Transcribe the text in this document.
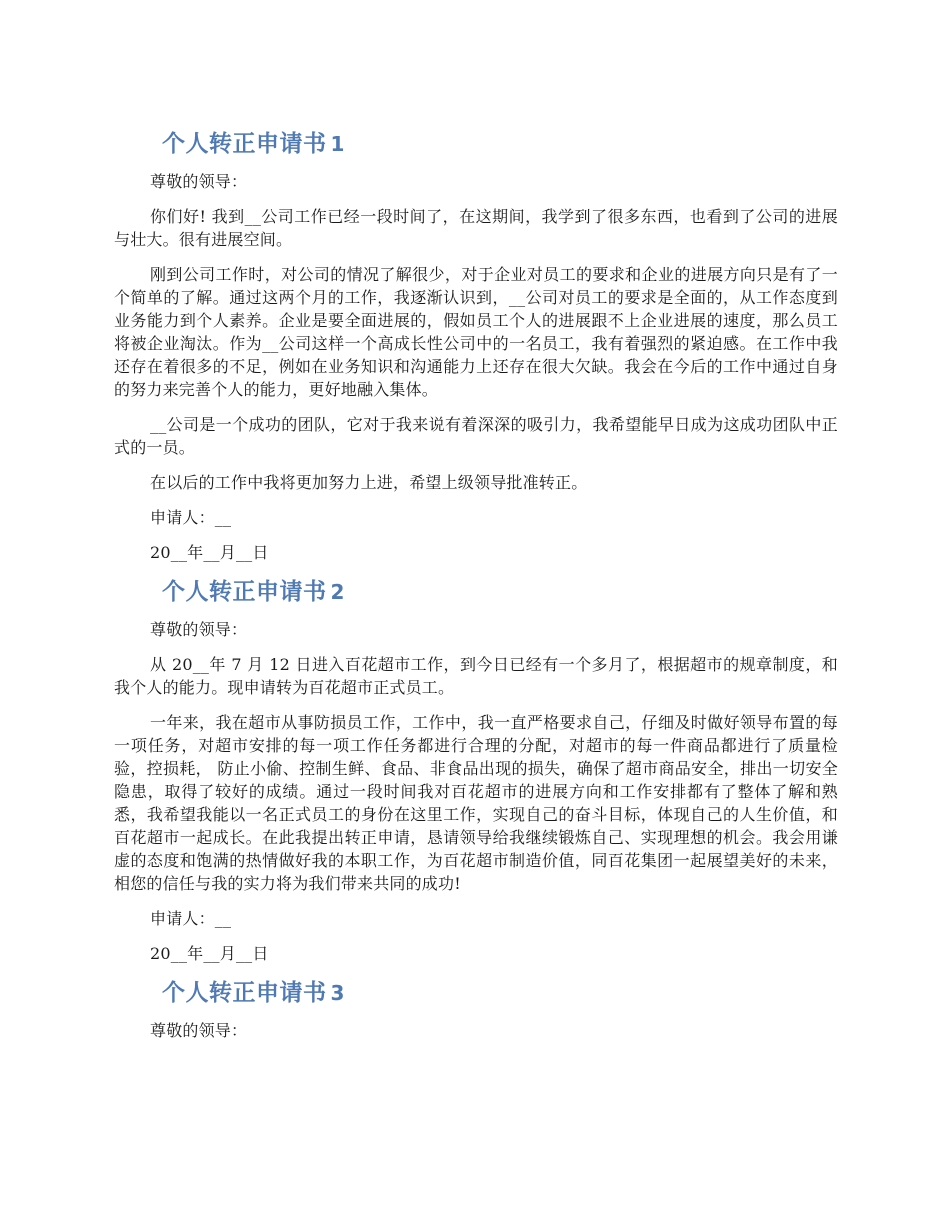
个人转正申请书 1

尊敬的领导：

你们好! 我到__公司工作已经一段时间了，在这期间，我学到了很多东西，也看到了公司的进展与壮大。很有进展空间。

刚到公司工作时，对公司的情况了解很少，对于企业对员工的要求和企业的进展方向只是有了一个简单的了解。通过这两个月的工作，我逐渐认识到，__公司对员工的要求是全面的，从工作态度到业务能力到个人素养。企业是要全面进展的，假如员工个人的进展跟不上企业进展的速度，那么员工将被企业淘汰。作为__公司这样一个高成长性公司中的一名员工，我有着强烈的紧迫感。在工作中我还存在着很多的不足，例如在业务知识和沟通能力上还存在很大欠缺。我会在今后的工作中通过自身的努力来完善个人的能力，更好地融入集体。

__公司是一个成功的团队，它对于我来说有着深深的吸引力，我希望能早日成为这成功团队中正式的一员。

在以后的工作中我将更加努力上进，希望上级领导批准转正。

申请人：__

20__年__月__日

个人转正申请书 2

尊敬的领导：

从 20__年 7 月 12 日进入百花超市工作，到今日已经有一个多月了，根据超市的规章制度，和我个人的能力。现申请转为百花超市正式员工。

一年来，我在超市从事防损员工作，工作中，我一直严格要求自己，仔细及时做好领导布置的每一项任务，对超市安排的每一项工作任务都进行合理的分配，对超市的每一件商品都进行了质量检验，控损耗， 防止小偷、控制生鲜、食品、非食品出现的损失，确保了超市商品安全，排出一切安全隐患，取得了较好的成绩。通过一段时间我对百花超市的进展方向和工作安排都有了整体了解和熟悉，我希望我能以一名正式员工的身份在这里工作，实现自己的奋斗目标，体现自己的人生价值，和百花超市一起成长。在此我提出转正申请，恳请领导给我继续锻炼自己、实现理想的机会。我会用谦虚的态度和饱满的热情做好我的本职工作，为百花超市制造价值，同百花集团一起展望美好的未来，相您的信任与我的实力将为我们带来共同的成功!

申请人：__

20__年__月__日

个人转正申请书 3

尊敬的领导：
